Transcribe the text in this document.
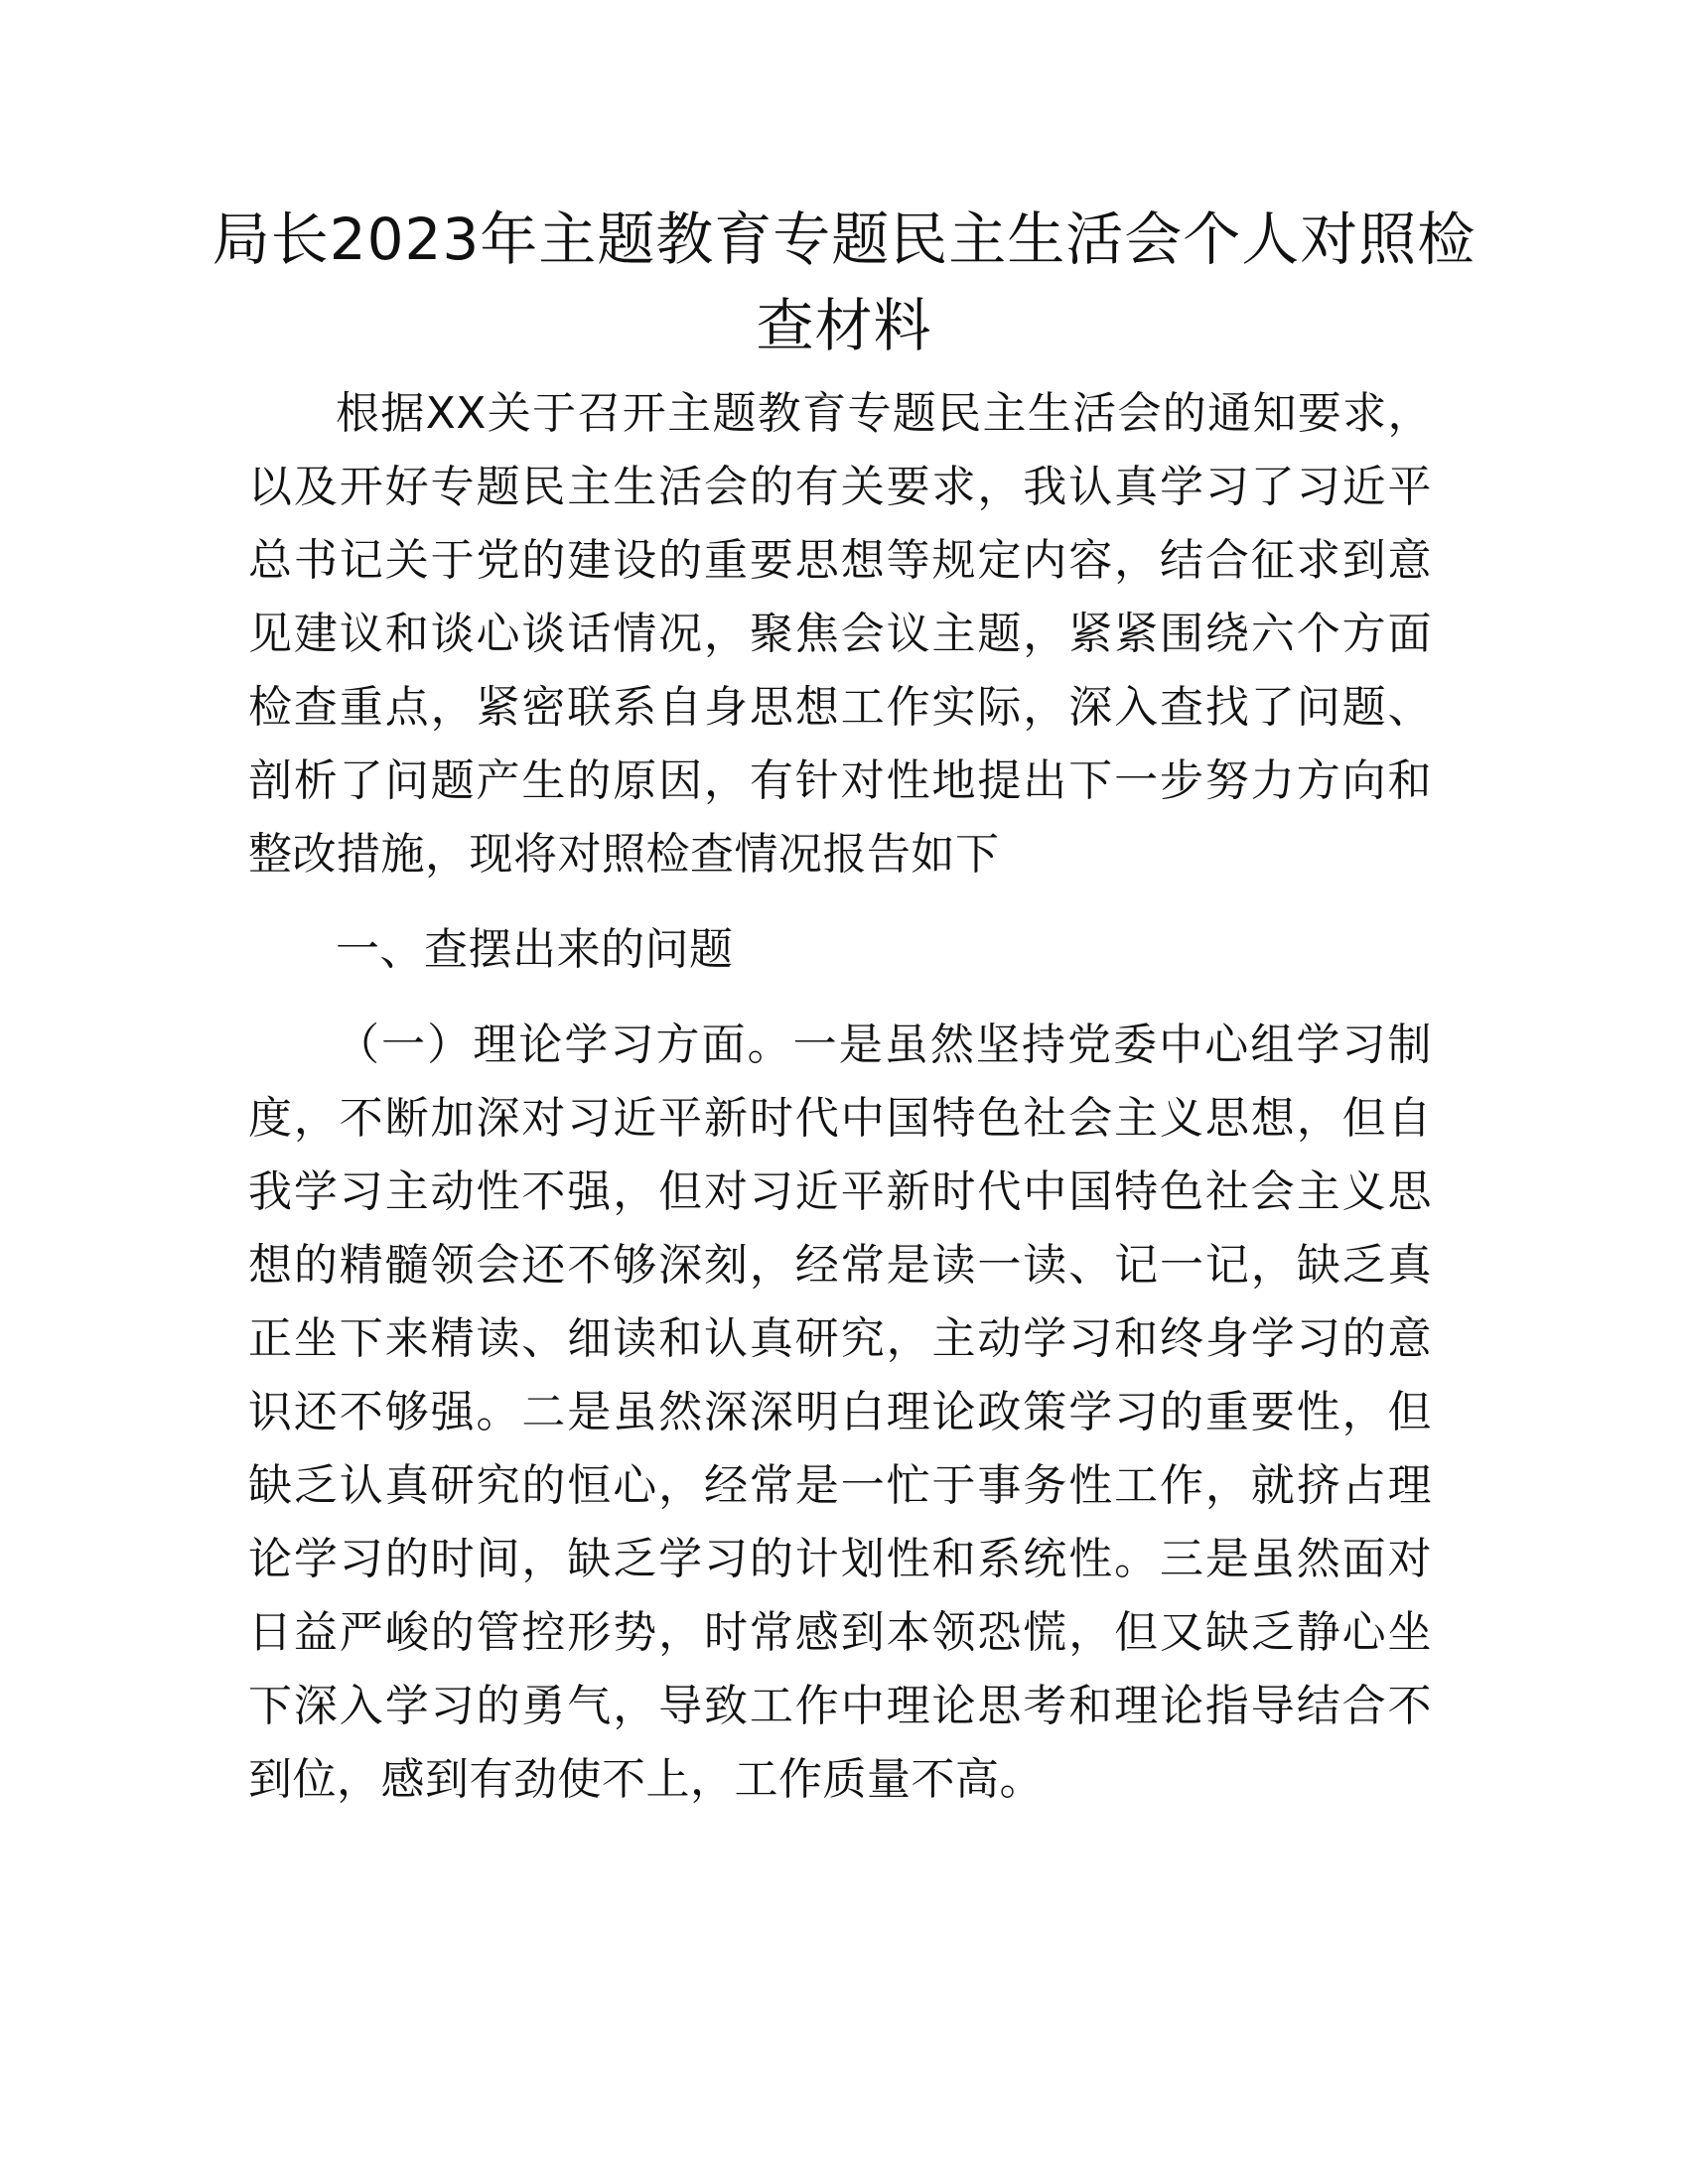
局长2023年主题教育专题民主生活会个人对照检查材料

根据XX关于召开主题教育专题民主生活会的通知要求，以及开好专题民主生活会的有关要求，我认真学习了习近平总书记关于党的建设的重要思想等规定内容，结合征求到意见建议和谈心谈话情况，聚焦会议主题，紧紧围绕六个方面检查重点，紧密联系自身思想工作实际，深入查找了问题、剖析了问题产生的原因，有针对性地提出下一步努力方向和整改措施，现将对照检查情况报告如下

一、查摆出来的问题

（一）理论学习方面。一是虽然坚持党委中心组学习制度，不断加深对习近平新时代中国特色社会主义思想，但自我学习主动性不强，但对习近平新时代中国特色社会主义思想的精髓领会还不够深刻，经常是读一读、记一记，缺乏真正坐下来精读、细读和认真研究，主动学习和终身学习的意识还不够强。二是虽然深深明白理论政策学习的重要性，但缺乏认真研究的恒心，经常是一忙于事务性工作，就挤占理论学习的时间，缺乏学习的计划性和系统性。三是虽然面对日益严峻的管控形势，时常感到本领恐慌，但又缺乏静心坐下深入学习的勇气，导致工作中理论思考和理论指导结合不到位，感到有劲使不上，工作质量不高。
